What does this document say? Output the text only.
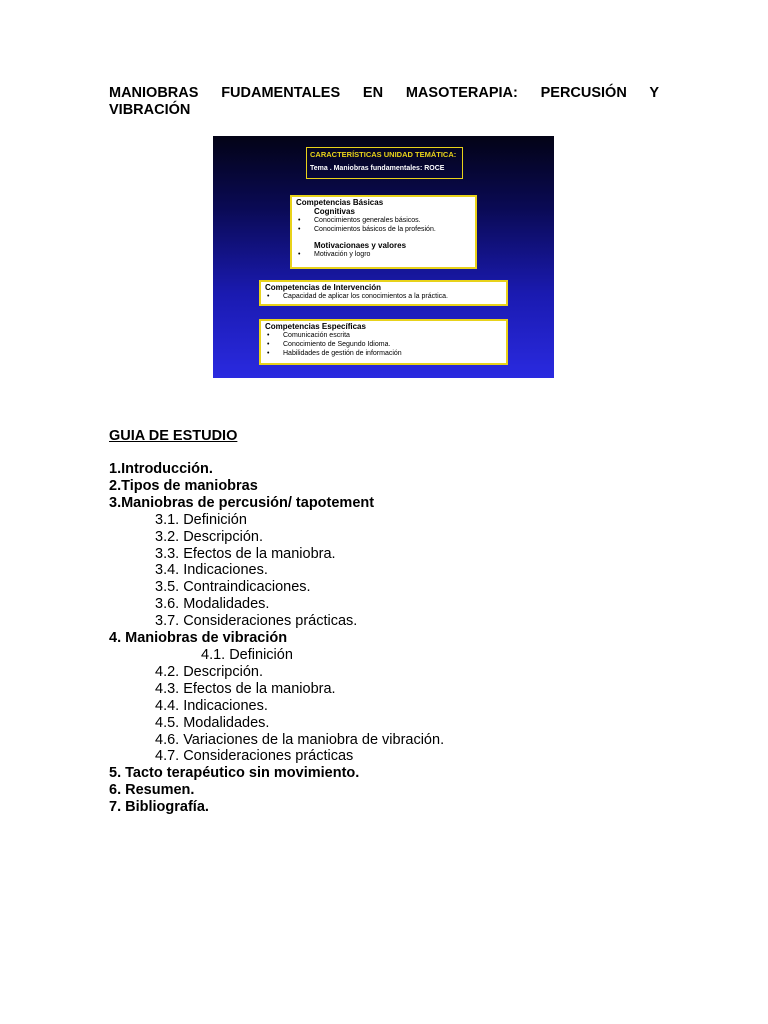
MANIOBRAS FUDAMENTALES EN MASOTERAPIA: PERCUSIÓN Y
VIBRACIÓN
CARACTERÍSTICAS UNIDAD TEMÁTICA:
Tema . Maniobras fundamentales: ROCE
Competencias Básicas
Cognitivas
• Conocimientos generales básicos.
• Conocimientos básicos de la profesión.
Motivacionaes y valores
• Motivación y logro
Competencias de Intervención
• Capacidad de aplicar los conocimientos a la práctica.
Competencias Específicas
• Comunicación escrita
• Conocimiento de Segundo Idioma.
• Habilidades de gestión de información
GUIA DE ESTUDIO
1.Introducción.
2.Tipos de maniobras
3.Maniobras de percusión/ tapotement
3.1. Definición
3.2. Descripción.
3.3. Efectos de la maniobra.
3.4. Indicaciones.
3.5. Contraindicaciones.
3.6. Modalidades.
3.7. Consideraciones prácticas.
4. Maniobras de vibración
4.1. Definición
4.2. Descripción.
4.3. Efectos de la maniobra.
4.4. Indicaciones.
4.5. Modalidades.
4.6. Variaciones de la maniobra de vibración.
4.7. Consideraciones prácticas
5. Tacto terapéutico sin movimiento.
6. Resumen.
7. Bibliografía.
